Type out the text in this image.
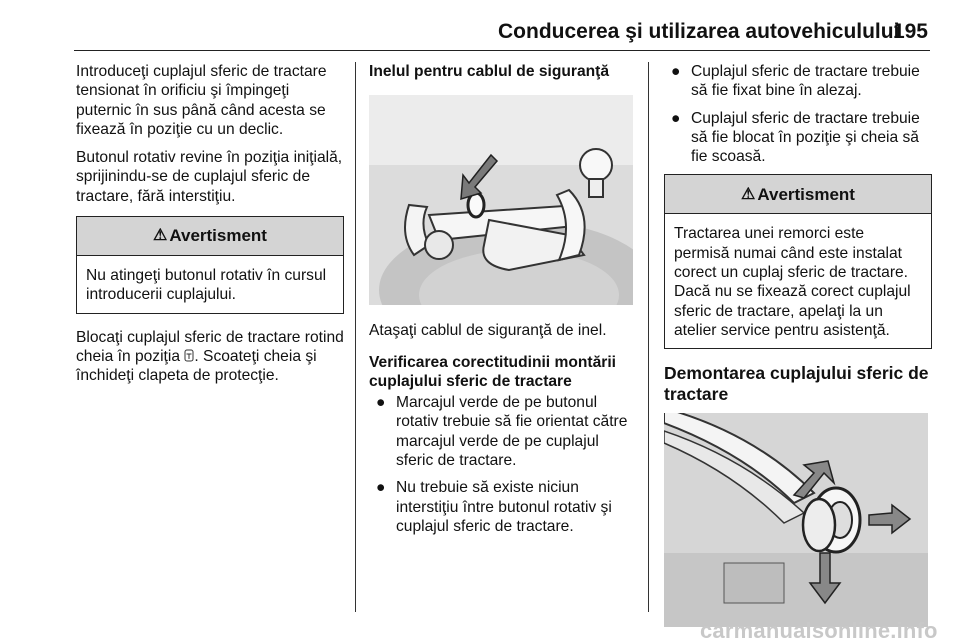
Conducerea şi utilizarea autovehiculului
195

Introduceţi cuplajul sferic de tractare tensionat în orificiu şi împingeţi puternic în sus până când acesta se fixează în poziţie cu un declic.

Butonul rotativ revine în poziţia iniţială, sprijinindu-se de cuplajul sferic de tractare, fără interstiţiu.

⚠ Avertisment
Nu atingeţi butonul rotativ în cursul introducerii cuplajului.

Blocaţi cuplajul sferic de tractare rotind cheia în poziţia . Scoateţi cheia şi închideţi clapeta de protecţie.

Inelul pentru cablul de siguranţă

Ataşaţi cablul de siguranţă de inel.

Verificarea corectitudinii montării cuplajului sferic de tractare

● Marcajul verde de pe butonul rotativ trebuie să fie orientat către marcajul verde de pe cuplajul sferic de tractare.
● Nu trebuie să existe niciun interstiţiu între butonul rotativ şi cuplajul sferic de tractare.
● Cuplajul sferic de tractare trebuie să fie fixat bine în alezaj.
● Cuplajul sferic de tractare trebuie să fie blocat în poziţie şi cheia să fie scoasă.
⚠ Avertisment
Tractarea unei remorci este permisă numai când este instalat corect un cuplaj sferic de tractare. Dacă nu se fixează corect cuplajul sferic de tractare, apelaţi la un atelier service pentru asistenţă.
Demontarea cuplajului sferic de tractare
carmanualsonline.info
